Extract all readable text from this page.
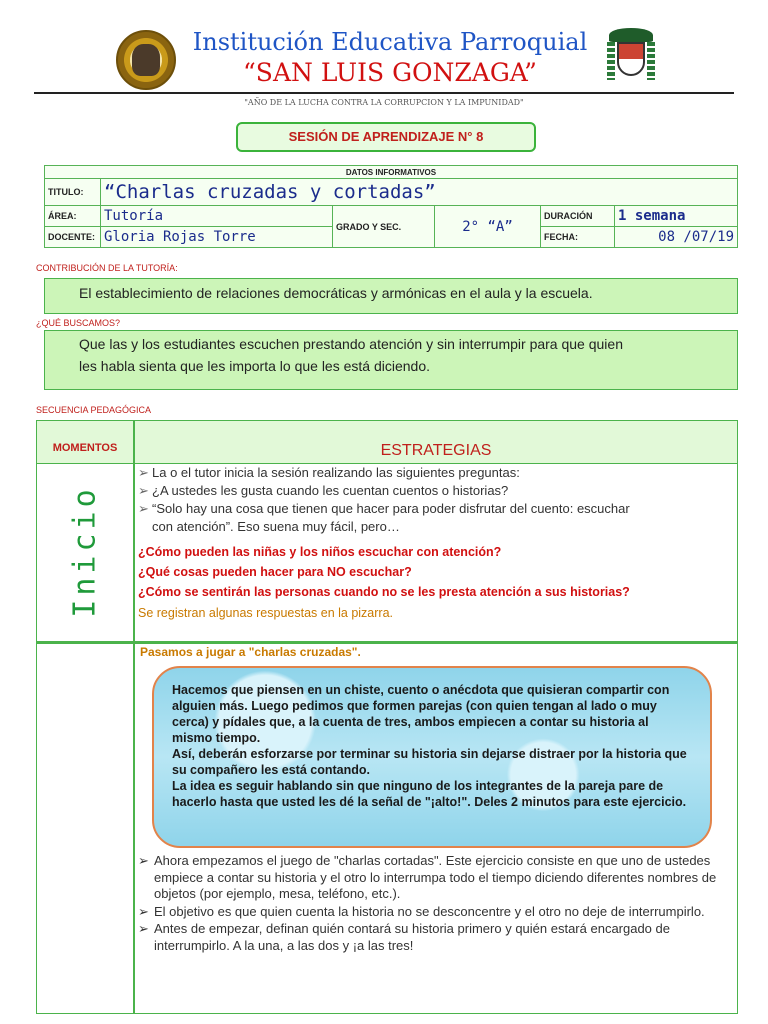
Institución Educativa Parroquial
“SAN LUIS GONZAGA”
"AÑO DE LA LUCHA CONTRA LA CORRUPCION Y LA IMPUNIDAD"
SESIÓN DE APRENDIZAJE N° 8
DATOS INFORMATIVOS					
TITULO:	“Charlas cruzadas y cortadas”				
ÁREA:	Tutoría	GRADO Y SEC.	2° “A”	DURACIÓN	1 semana
DOCENTE:	Gloria Rojas Torre			FECHA:	08 /07/19
CONTRIBUCIÓN DE LA TUTORÍA:
El establecimiento de relaciones democráticas y armónicas en el aula y la escuela.
¿QUÉ BUSCAMOS?
Que las y los estudiantes escuchen prestando atención y sin interrumpir para que quien
les habla sienta que les importa lo que les está diciendo.
SECUENCIA PEDAGÓGICA
MOMENTOS	ESTRATEGIAS
Inicio
➢ La o el tutor inicia la sesión realizando las siguientes preguntas:
➢ ¿A ustedes les gusta cuando les cuentan cuentos o historias?
➢ “Solo hay una cosa que tienen que hacer para poder disfrutar del cuento: escuchar
con atención”. Eso suena muy fácil, pero…
¿Cómo pueden las niñas y los niños escuchar con atención?
¿Qué cosas pueden hacer para NO escuchar?
¿Cómo se sentirán las personas cuando no se les presta atención a sus historias?
Se registran algunas respuestas en la pizarra.
Pasamos a jugar a "charlas cruzadas".

Hacemos que piensen en un chiste, cuento o anécdota que quisieran compartir con alguien más. Luego pedimos que formen parejas (con quien tengan al lado o muy cerca) y pídales que, a la cuenta de tres, ambos empiecen a contar su historia al mismo tiempo.

Así, deberán esforzarse por terminar su historia sin dejarse distraer por la historia que su compañero les está contando.

La idea es seguir hablando sin que ninguno de los integrantes de la pareja pare de hacerlo hasta que usted les dé la señal de "¡alto!". Deles 2 minutos para este ejercicio.

➢ Ahora empezamos el juego de "charlas cortadas". Este ejercicio consiste en que uno de ustedes empiece a contar su historia y el otro lo interrumpa todo el tiempo diciendo diferentes nombres de objetos (por ejemplo, mesa, teléfono, etc.).
➢ El objetivo es que quien cuenta la historia no se desconcentre y el otro no deje de interrumpirlo.
➢ Antes de empezar, definan quién contará su historia primero y quién estará encargado de interrumpirlo. A la una, a las dos y ¡a las tres!
